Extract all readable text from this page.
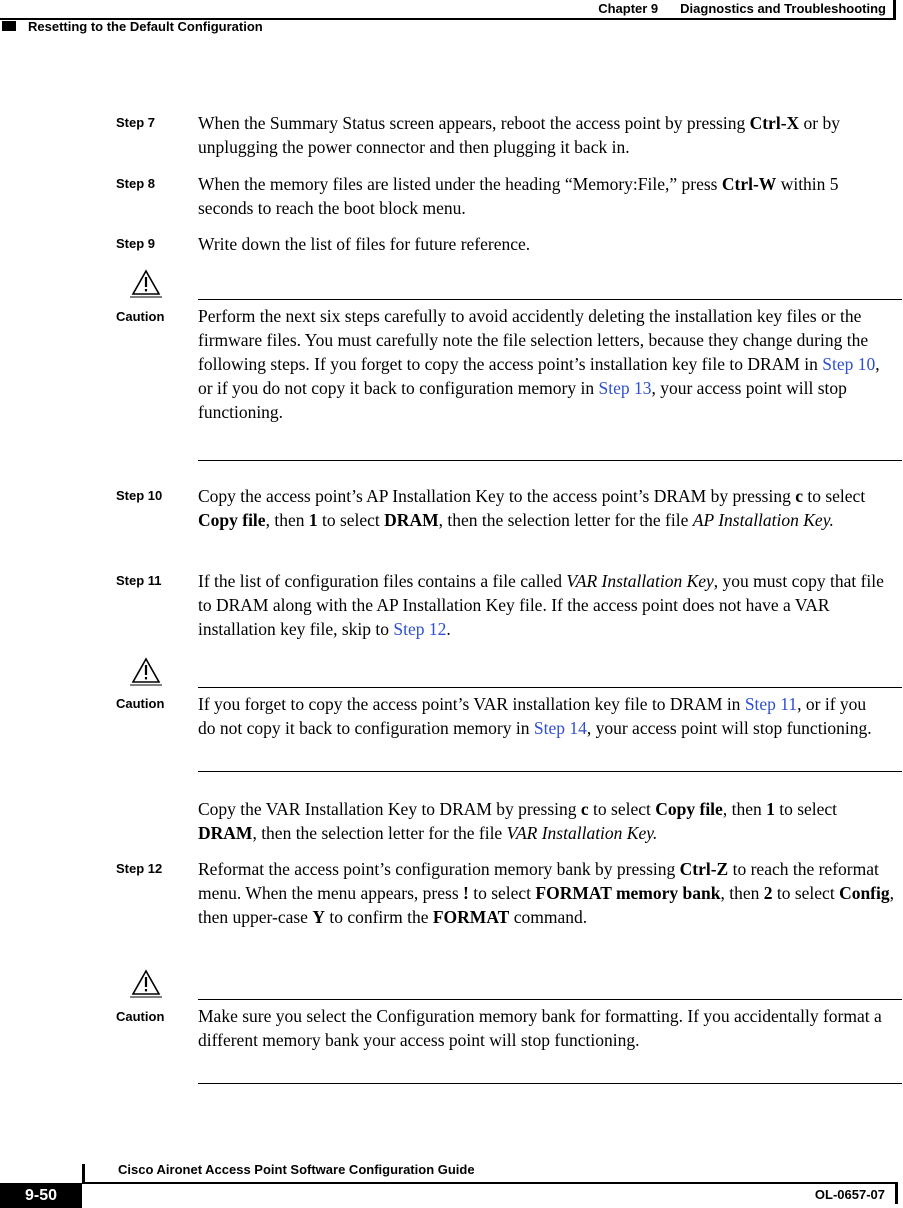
Chapter 9 Diagnostics and Troubleshooting
Resetting to the Default Configuration
Step 7 When the Summary Status screen appears, reboot the access point by pressing Ctrl-X or by unplugging the power connector and then plugging it back in.
Step 8 When the memory files are listed under the heading “Memory:File,” press Ctrl-W within 5 seconds to reach the boot block menu.
Step 9 Write down the list of files for future reference.
Caution Perform the next six steps carefully to avoid accidently deleting the installation key files or the firmware files. You must carefully note the file selection letters, because they change during the following steps. If you forget to copy the access point’s installation key file to DRAM in Step 10, or if you do not copy it back to configuration memory in Step 13, your access point will stop functioning.
Step 10 Copy the access point’s AP Installation Key to the access point’s DRAM by pressing c to select Copy file, then 1 to select DRAM, then the selection letter for the file AP Installation Key.
Step 11 If the list of configuration files contains a file called VAR Installation Key, you must copy that file to DRAM along with the AP Installation Key file. If the access point does not have a VAR installation key file, skip to Step 12.
Caution If you forget to copy the access point’s VAR installation key file to DRAM in Step 11, or if you do not copy it back to configuration memory in Step 14, your access point will stop functioning.
Copy the VAR Installation Key to DRAM by pressing c to select Copy file, then 1 to select DRAM, then the selection letter for the file VAR Installation Key.
Step 12 Reformat the access point’s configuration memory bank by pressing Ctrl-Z to reach the reformat menu. When the menu appears, press ! to select FORMAT memory bank, then 2 to select Config, then upper-case Y to confirm the FORMAT command.
Caution Make sure you select the Configuration memory bank for formatting. If you accidentally format a different memory bank your access point will stop functioning.
Cisco Aironet Access Point Software Configuration Guide
9-50	OL-0657-07
